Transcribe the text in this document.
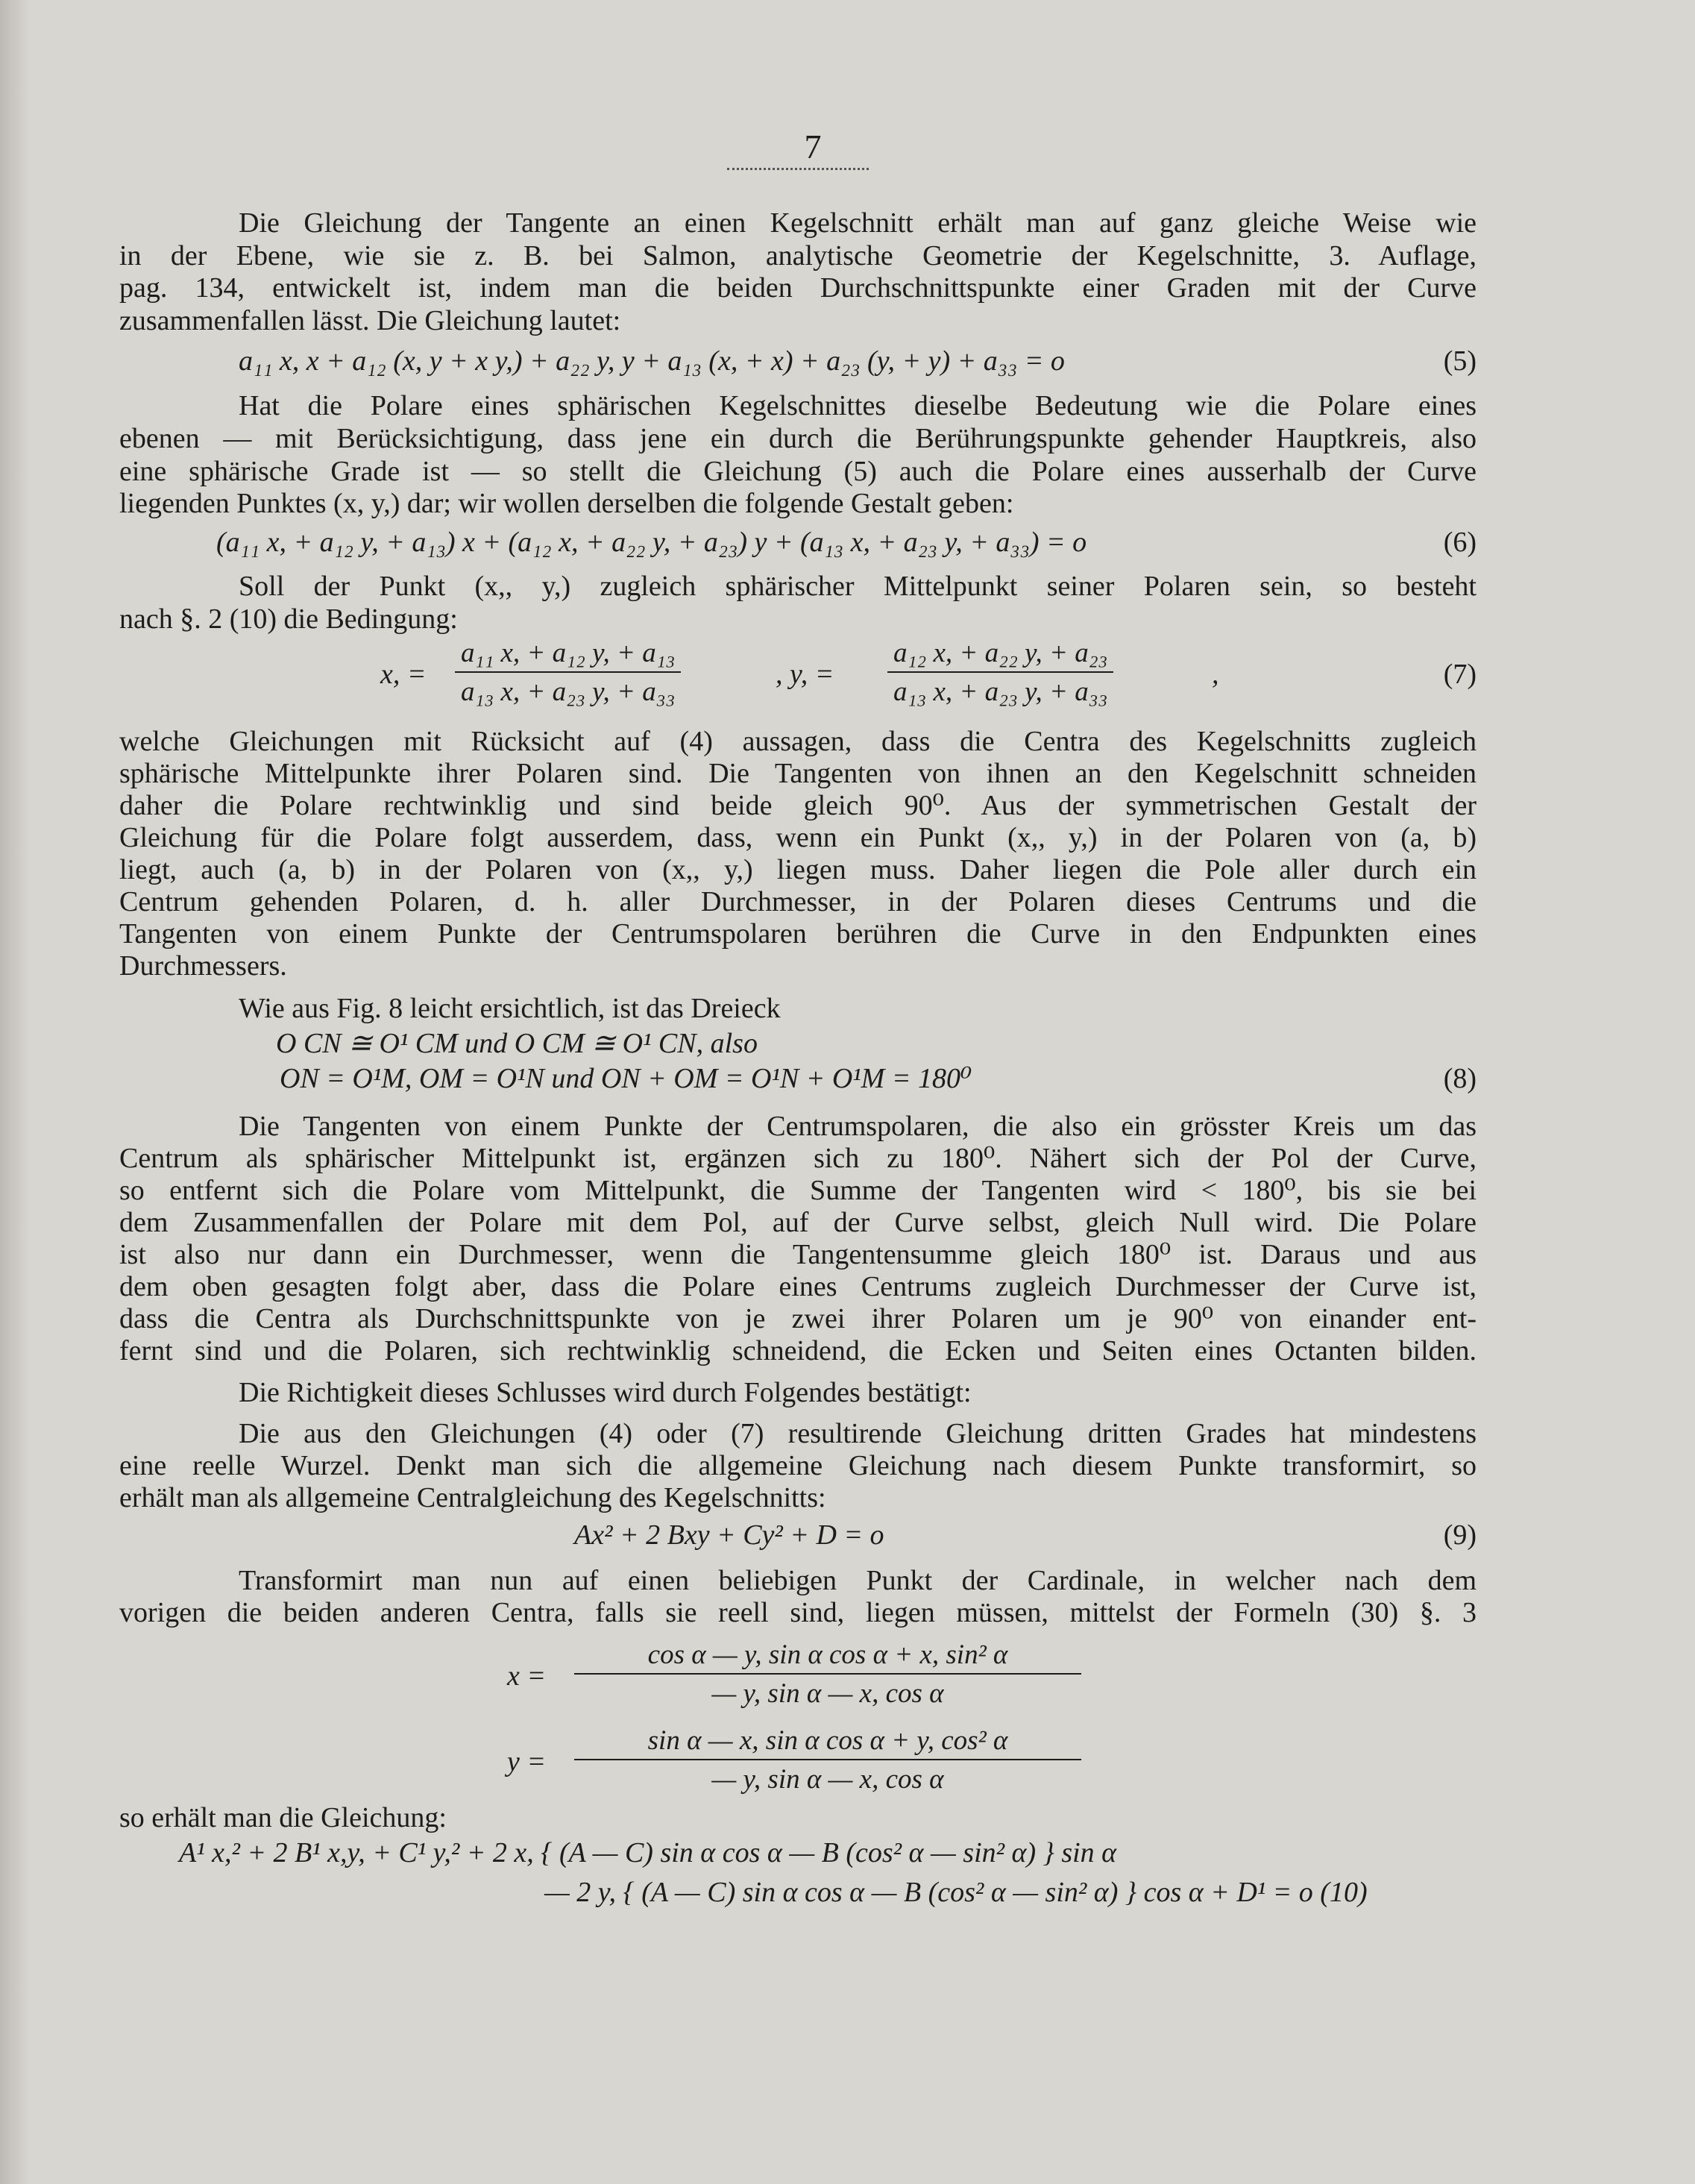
7
Die Gleichung der Tangente an einen Kegelschnitt erhält man auf ganz gleiche Weise wie
in der Ebene, wie sie z. B. bei Salmon, analytische Geometrie der Kegelschnitte, 3. Auflage,
pag. 134, entwickelt ist, indem man die beiden Durchschnittspunkte einer Graden mit der Curve
zusammenfallen lässt. Die Gleichung lautet:
a₁₁ x, x + a₁₂ (x, y + x y,) + a₂₂ y, y + a₁₃ (x, + x) + a₂₃ (y, + y) + a₃₃ = o	(5)
Hat die Polare eines sphärischen Kegelschnittes dieselbe Bedeutung wie die Polare eines
ebenen — mit Berücksichtigung, dass jene ein durch die Berührungspunkte gehender Hauptkreis, also
eine sphärische Grade ist — so stellt die Gleichung (5) auch die Polare eines ausserhalb der Curve
liegenden Punktes (x, y,) dar; wir wollen derselben die folgende Gestalt geben:
(a₁₁ x, + a₁₂ y, + a₁₃) x + (a₁₂ x, + a₂₂ y, + a₂₃) y + (a₁₃ x, + a₂₃ y, + a₃₃) = o	(6)
Soll der Punkt (x,, y,) zugleich sphärischer Mittelpunkt seiner Polaren sein, so besteht
nach §. 2 (10) die Bedingung:
x, = $\frac{\text{a₁₁ x, + a₁₂ y, + a₁₃}}{\text{a₁₃ x, + a₂₃ y, + a₃₃}}$	, y, = $\frac{\text{a₁₂ x, + a₂₂ y, + a₂₃}}{\text{a₁₃ x, + a₂₃ y, + a₃₃}}$	,	(7)
welche Gleichungen mit Rücksicht auf (4) aussagen, dass die Centra des Kegelschnitts zugleich
sphärische Mittelpunkte ihrer Polaren sind. Die Tangenten von ihnen an den Kegelschnitt schneiden
daher die Polare rechtwinklig und sind beide gleich 90⁰. Aus der symmetrischen Gestalt der
Gleichung für die Polare folgt ausserdem, dass, wenn ein Punkt (x,, y,) in der Polaren von (a, b)
liegt, auch (a, b) in der Polaren von (x,, y,) liegen muss. Daher liegen die Pole aller durch ein
Centrum gehenden Polaren, d. h. aller Durchmesser, in der Polaren dieses Centrums und die
Tangenten von einem Punkte der Centrumspolaren berühren die Curve in den Endpunkten eines
Durchmessers.
Wie aus Fig. 8 leicht ersichtlich, ist das Dreieck
O CN ≅ O¹ CM und O CM ≅ O¹ CN, also
ON = O¹M, OM = O¹N und ON + OM = O¹N + O¹M = 180⁰	(8)
Die Tangenten von einem Punkte der Centrumspolaren, die also ein grösster Kreis um das
Centrum als sphärischer Mittelpunkt ist, ergänzen sich zu 180⁰. Nähert sich der Pol der Curve,
so entfernt sich die Polare vom Mittelpunkt, die Summe der Tangenten wird < 180⁰, bis sie bei
dem Zusammenfallen der Polare mit dem Pol, auf der Curve selbst, gleich Null wird. Die Polare
ist also nur dann ein Durchmesser, wenn die Tangentensumme gleich 180⁰ ist. Daraus und aus
dem oben gesagten folgt aber, dass die Polare eines Centrums zugleich Durchmesser der Curve ist,
dass die Centra als Durchschnittspunkte von je zwei ihrer Polaren um je 90⁰ von einander ent-
fernt sind und die Polaren, sich rechtwinklig schneidend, die Ecken und Seiten eines Octanten bilden.
Die Richtigkeit dieses Schlusses wird durch Folgendes bestätigt:
Die aus den Gleichungen (4) oder (7) resultirende Gleichung dritten Grades hat mindestens
eine reelle Wurzel. Denkt man sich die allgemeine Gleichung nach diesem Punkte transformirt, so
erhält man als allgemeine Centralgleichung des Kegelschnitts:
Ax² + 2 Bxy + Cy² + D = o	(9)
Transformirt man nun auf einen beliebigen Punkt der Cardinale, in welcher nach dem
vorigen die beiden anderen Centra, falls sie reell sind, liegen müssen, mittelst der Formeln (30) §. 3
$x = \frac{\text{cos α — y, sin α cos α + x, sin² α}}{\text{— y, sin α — x, cos α}}$
$y = \frac{\text{sin α — x, sin α cos α + y, cos² α}}{\text{— y, sin α — x, cos α}}$
so erhält man die Gleichung:
A¹ x,² + 2 B¹ x,y, + C¹ y,² + 2 x, { (A — C) sin α cos α — B (cos² α — sin² α) } sin α
— 2 y, { (A — C) sin α cos α — B (cos² α — sin² α) } cos α + D¹ = o (10)
